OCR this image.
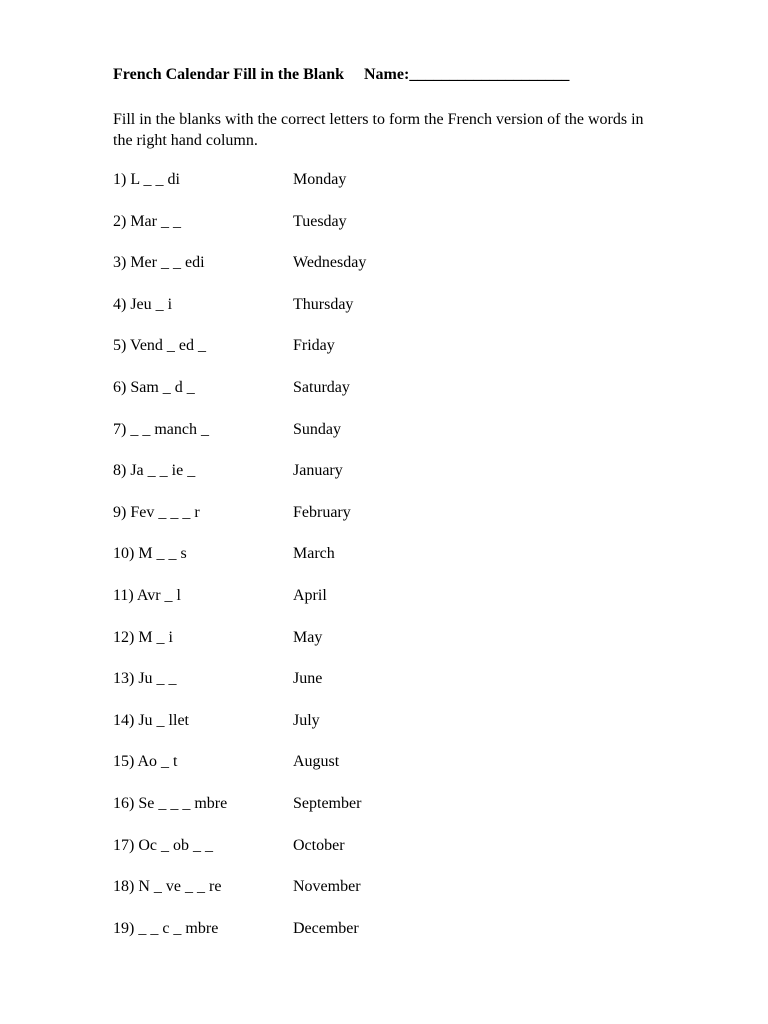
French Calendar Fill in the Blank Name:____________________
Fill in the blanks with the correct letters to form the French version of the words in the right hand column.
1) L _ _ di	Monday
2) Mar _ _	Tuesday
3) Mer _ _ edi	Wednesday
4) Jeu _ i	Thursday
5) Vend _ ed _	Friday
6) Sam _ d _	Saturday
7) _ _ manch _	Sunday
8) Ja _ _ ie _	January
9) Fev _ _ _ r	February
10) M _ _ s	March
11) Avr _ l	April
12) M _ i	May
13) Ju _ _	June
14) Ju _ llet	July
15) Ao _ t	August
16) Se _ _ _ mbre	September
17) Oc _ ob _ _	October
18) N _ ve _ _ re	November
19) _ _ c _ mbre	December
